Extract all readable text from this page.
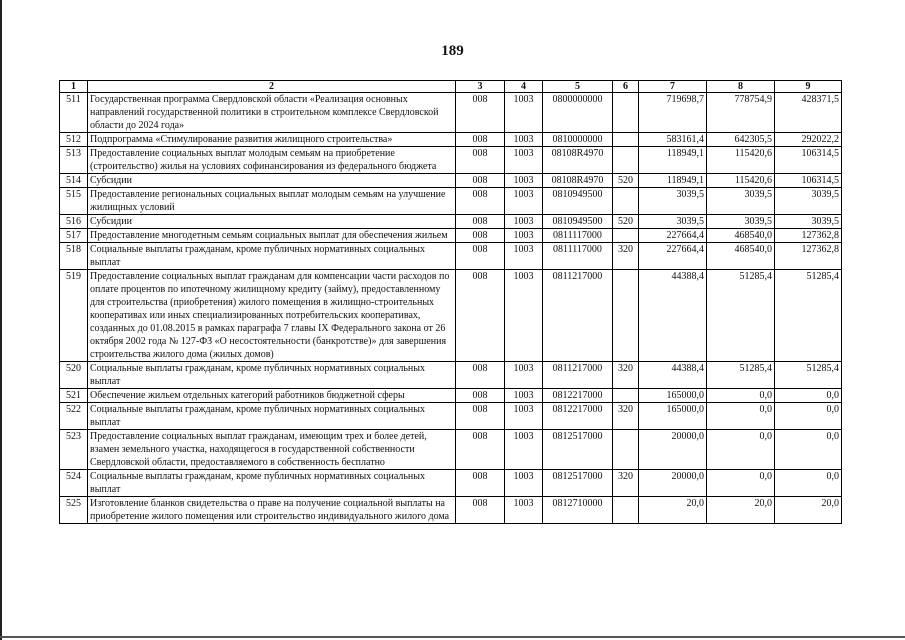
189
1	2	3	4	5	6	7	8	9
511	Государственная программа Свердловской области «Реализация основных направлений государственной политики в строительном комплексе Свердловской области до 2024 года»	008	1003	0800000000		719698,7	778754,9	428371,5
512	Подпрограмма «Стимулирование развития жилищного строительства»	008	1003	0810000000		583161,4	642305,5	292022,2
513	Предоставление социальных выплат молодым семьям на приобретение (строительство) жилья на условиях софинансирования из федерального бюджета	008	1003	08108R4970		118949,1	115420,6	106314,5
514	Субсидии	008	1003	08108R4970	520	118949,1	115420,6	106314,5
515	Предоставление региональных социальных выплат молодым семьям на улучшение жилищных условий	008	1003	0810949500		3039,5	3039,5	3039,5
516	Субсидии	008	1003	0810949500	520	3039,5	3039,5	3039,5
517	Предоставление многодетным семьям социальных выплат для обеспечения жильем	008	1003	0811117000		227664,4	468540,0	127362,8
518	Социальные выплаты гражданам, кроме публичных нормативных социальных выплат	008	1003	0811117000	320	227664,4	468540,0	127362,8
519	Предоставление социальных выплат гражданам для компенсации части расходов по оплате процентов по ипотечному жилищному кредиту (займу), предоставленному для строительства (приобретения) жилого помещения в жилищно-строительных кооперативах или иных специализированных потребительских кооперативах, созданных до 01.08.2015 в рамках параграфа 7 главы IX Федерального закона от 26 октября 2002 года № 127-ФЗ «О несостоятельности (банкротстве)» для завершения строительства жилого дома (жилых домов)	008	1003	0811217000		44388,4	51285,4	51285,4
520	Социальные выплаты гражданам, кроме публичных нормативных социальных выплат	008	1003	0811217000	320	44388,4	51285,4	51285,4
521	Обеспечение жильем отдельных категорий работников бюджетной сферы	008	1003	0812217000		165000,0	0,0	0,0
522	Социальные выплаты гражданам, кроме публичных нормативных социальных выплат	008	1003	0812217000	320	165000,0	0,0	0,0
523	Предоставление социальных выплат гражданам, имеющим трех и более детей, взамен земельного участка, находящегося в государственной собственности Свердловской области, предоставляемого в собственность бесплатно	008	1003	0812517000		20000,0	0,0	0,0
524	Социальные выплаты гражданам, кроме публичных нормативных социальных выплат	008	1003	0812517000	320	20000,0	0,0	0,0
525	Изготовление бланков свидетельства о праве на получение социальной выплаты на приобретение жилого помещения или строительство индивидуального жилого дома	008	1003	0812710000		20,0	20,0	20,0
